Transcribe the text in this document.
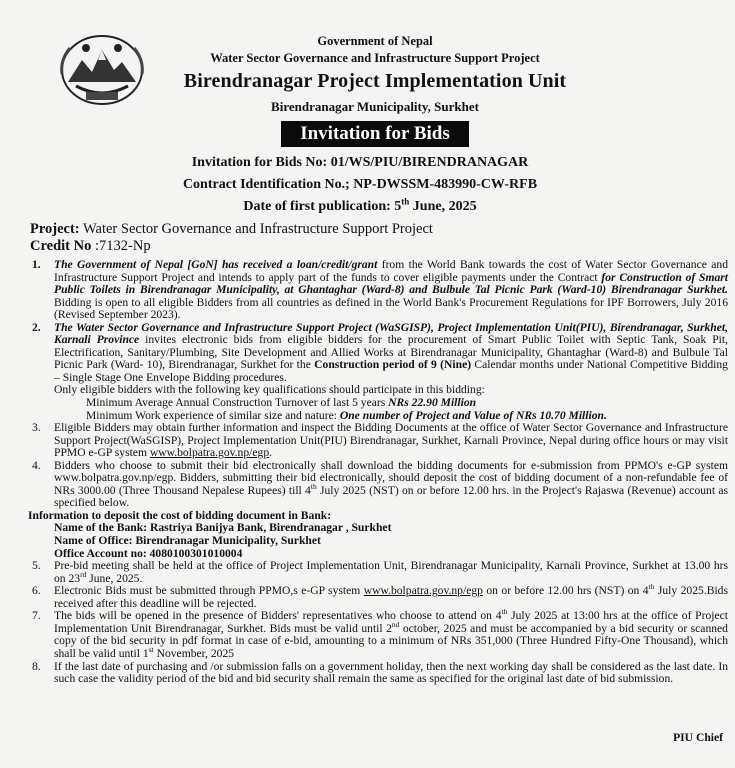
Government of Nepal
Water Sector Governance and Infrastructure Support Project
Birendranagar Project Implementation Unit
Birendranagar Municipality, Surkhet
Invitation for Bids
Invitation for Bids No: 01/WS/PIU/BIRENDRANAGAR
Contract Identification No.; NP-DWSSM-483990-CW-RFB
Date of first publication: 5th June, 2025
Project: Water Sector Governance and Infrastructure Support Project
Credit No :7132-Np
1. The Government of Nepal [GoN] has received a loan/credit/grant from the World Bank towards the cost of Water Sector Governance and Infrastructure Support Project and intends to apply part of the funds to cover eligible payments under the Contract for Construction of Smart Public Toilets in Birendranagar Municipality, at Ghantaghar (Ward-8) and Bulbule Tal Picnic Park (Ward-10) Birendranagar Surkhet. Bidding is open to all eligible Bidders from all countries as defined in the World Bank's Procurement Regulations for IPF Borrowers, July 2016 (Revised September 2023).
2. The Water Sector Governance and Infrastructure Support Project (WaSGISP), Project Implementation Unit(PIU), Birendranagar, Surkhet, Karnali Province invites electronic bids from eligible bidders for the procurement of Smart Public Toilet with Septic Tank, Soak Pit, Electrification, Sanitary/Plumbing, Site Development and Allied Works at Birendranagar Municipality, Ghantaghar (Ward-8) and Bulbule Tal Picnic Park (Ward- 10), Birendranagar, Surkhet for the Construction period of 9 (Nine) Calendar months under National Competitive Bidding – Single Stage One Envelope Bidding procedures.
Only eligible bidders with the following key qualifications should participate in this bidding:
Minimum Average Annual Construction Turnover of last 5 years NRs 22.90 Million
Minimum Work experience of similar size and nature: One number of Project and Value of NRs 10.70 Million.
3. Eligible Bidders may obtain further information and inspect the Bidding Documents at the office of Water Sector Governance and Infrastructure Support Project(WaSGISP), Project Implementation Unit(PIU) Birendranagar, Surkhet, Karnali Province, Nepal during office hours or may visit PPMO e-GP system www.bolpatra.gov.np/egp.
4. Bidders who choose to submit their bid electronically shall download the bidding documents for e-submission from PPMO's e-GP system www.bolpatra.gov.np/egp. Bidders, submitting their bid electronically, should deposit the cost of bidding document of a non-refundable fee of NRs 3000.00 (Three Thousand Nepalese Rupees) till 4th July 2025 (NST) on or before 12.00 hrs. in the Project's Rajaswa (Revenue) account as specified below.
Information to deposit the cost of bidding document in Bank:
Name of the Bank: Rastriya Banijya Bank, Birendranagar , Surkhet
Name of Office: Birendranagar Municipality, Surkhet
Office Account no: 4080100301010004
5. Pre-bid meeting shall be held at the office of Project Implementation Unit, Birendranagar Municipality, Karnali Province, Surkhet at 13.00 hrs on 23rd June, 2025.
6. Electronic Bids must be submitted through PPMO,s e-GP system www.bolpatra.gov.np/egp on or before 12.00 hrs (NST) on 4th July 2025.Bids received after this deadline will be rejected.
7. The bids will be opened in the presence of Bidders' representatives who choose to attend on 4th July 2025 at 13:00 hrs at the office of Project Implementation Unit Birendranagar, Surkhet. Bids must be valid until 2nd october, 2025 and must be accompanied by a bid security or scanned copy of the bid security in pdf format in case of e-bid, amounting to a minimum of NRs 351,000 (Three Hundred Fifty-One Thousand), which shall be valid until 1st November, 2025
8. If the last date of purchasing and /or submission falls on a government holiday, then the next working day shall be considered as the last date. In such case the validity period of the bid and bid security shall remain the same as specified for the original last date of bid submission.
PIU Chief
